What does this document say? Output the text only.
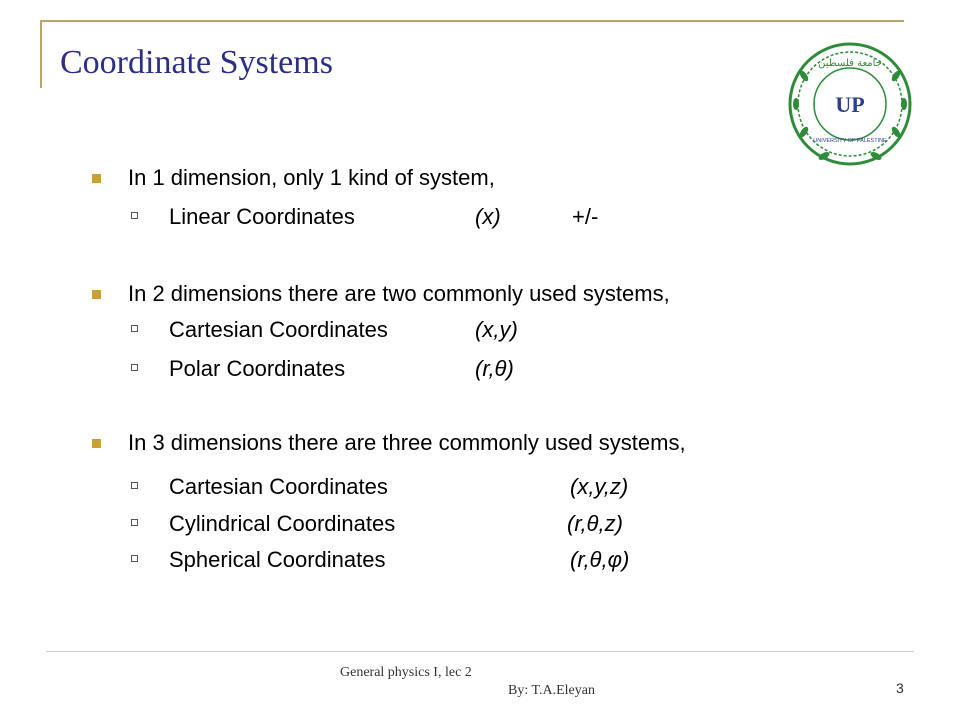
Coordinate Systems	جامعة فلسطين
UP
UNIVERSITY OF PALESTINE
In 1 dimension, only 1 kind of system,
Linear Coordinates	(x)	+/-
In 2 dimensions there are two commonly used systems,
Cartesian Coordinates	(x,y)
Polar Coordinates	(r,θ)
In 3 dimensions there are three commonly used systems,
Cartesian Coordinates	(x,y,z)
Cylindrical Coordinates	(r,θ,z)
Spherical Coordinates	(r,θ,φ)
General physics I, lec 2
By: T.A.Eleyan	3
